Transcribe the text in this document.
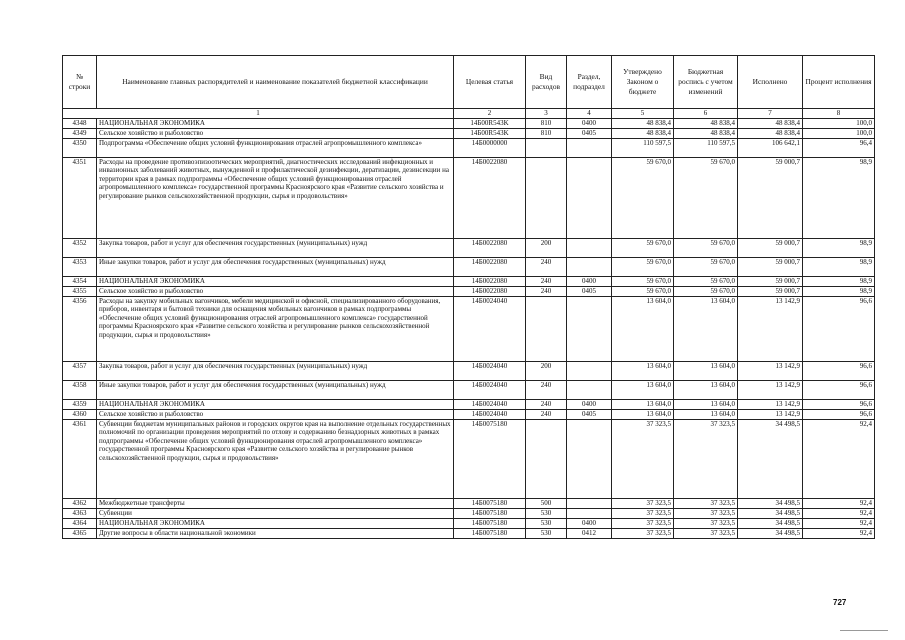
№ строки	Наименование главных распорядителей и наименование показателей бюджетной классификации	Целевая статья	Вид расходов	Раздел, подраздел	Утверждено Законом о бюджете	Бюджетная роспись с учетом изменений	Исполнено	Процент исполнения
1		2	3	4	5	6	7	8
4348	НАЦИОНАЛЬНАЯ ЭКОНОМИКА	14Б00R543K	810	0400	48 838,4	48 838,4	48 838,4	100,0
4349	Сельское хозяйство и рыболовство	14Б00R543K	810	0405	48 838,4	48 838,4	48 838,4	100,0
4350	Подпрограмма «Обеспечение общих условий функционирования отраслей агропромышленного комплекса»	14Б0000000			110 597,5	110 597,5	106 642,1	96,4
4351	Расходы на проведение противоэпизоотических мероприятий, диагностических исследований инфекционных и инвазионных заболеваний животных, вынужденной и профилактической дезинфекции, дератизации, дезинсекции на территории края в рамках подпрограммы «Обеспечение общих условий функционирования отраслей агропромышленного комплекса» государственной программы Красноярского края «Развитие сельского хозяйства и регулирование рынков сельскохозяйственной продукции, сырья и продовольствия»	14Б0022080			59 670,0	59 670,0	59 000,7	98,9
4352	Закупка товаров, работ и услуг для обеспечения государственных (муниципальных) нужд	14Б0022080	200		59 670,0	59 670,0	59 000,7	98,9
4353	Иные закупки товаров, работ и услуг для обеспечения государственных (муниципальных) нужд	14Б0022080	240		59 670,0	59 670,0	59 000,7	98,9
4354	НАЦИОНАЛЬНАЯ ЭКОНОМИКА	14Б0022080	240	0400	59 670,0	59 670,0	59 000,7	98,9
4355	Сельское хозяйство и рыболовство	14Б0022080	240	0405	59 670,0	59 670,0	59 000,7	98,9
4356	Расходы на закупку мобильных вагончиков, мебели медицинской и офисной, специализированного оборудования, приборов, инвентаря и бытовой техники для оснащения мобильных вагончиков в рамках подпрограммы «Обеспечение общих условий функционирования отраслей агропромышленного комплекса» государственной программы Красноярского края «Развитие сельского хозяйства и регулирование рынков сельскохозяйственной продукции, сырья и продовольствия»	14Б0024040			13 604,0	13 604,0	13 142,9	96,6
4357	Закупка товаров, работ и услуг для обеспечения государственных (муниципальных) нужд	14Б0024040	200		13 604,0	13 604,0	13 142,9	96,6
4358	Иные закупки товаров, работ и услуг для обеспечения государственных (муниципальных) нужд	14Б0024040	240		13 604,0	13 604,0	13 142,9	96,6
4359	НАЦИОНАЛЬНАЯ ЭКОНОМИКА	14Б0024040	240	0400	13 604,0	13 604,0	13 142,9	96,6
4360	Сельское хозяйство и рыболовство	14Б0024040	240	0405	13 604,0	13 604,0	13 142,9	96,6
4361	Субвенции бюджетам муниципальных районов и городских округов края на выполнение отдельных государственных полномочий по организации проведения мероприятий по отлову и содержанию безнадзорных животных в рамках подпрограммы «Обеспечение общих условий функционирования отраслей агропромышленного комплекса» государственной программы Красноярского края «Развитие сельского хозяйства и регулирование рынков сельскохозяйственной продукции, сырья и продовольствия»	14Б0075180			37 323,5	37 323,5	34 498,5	92,4
4362	Межбюджетные трансферты	14Б0075180	500		37 323,5	37 323,5	34 498,5	92,4
4363	Субвенции	14Б0075180	530		37 323,5	37 323,5	34 498,5	92,4
4364	НАЦИОНАЛЬНАЯ ЭКОНОМИКА	14Б0075180	530	0400	37 323,5	37 323,5	34 498,5	92,4
4365	Другие вопросы в области национальной экономики	14Б0075180	530	0412	37 323,5	37 323,5	34 498,5	92,4
727
